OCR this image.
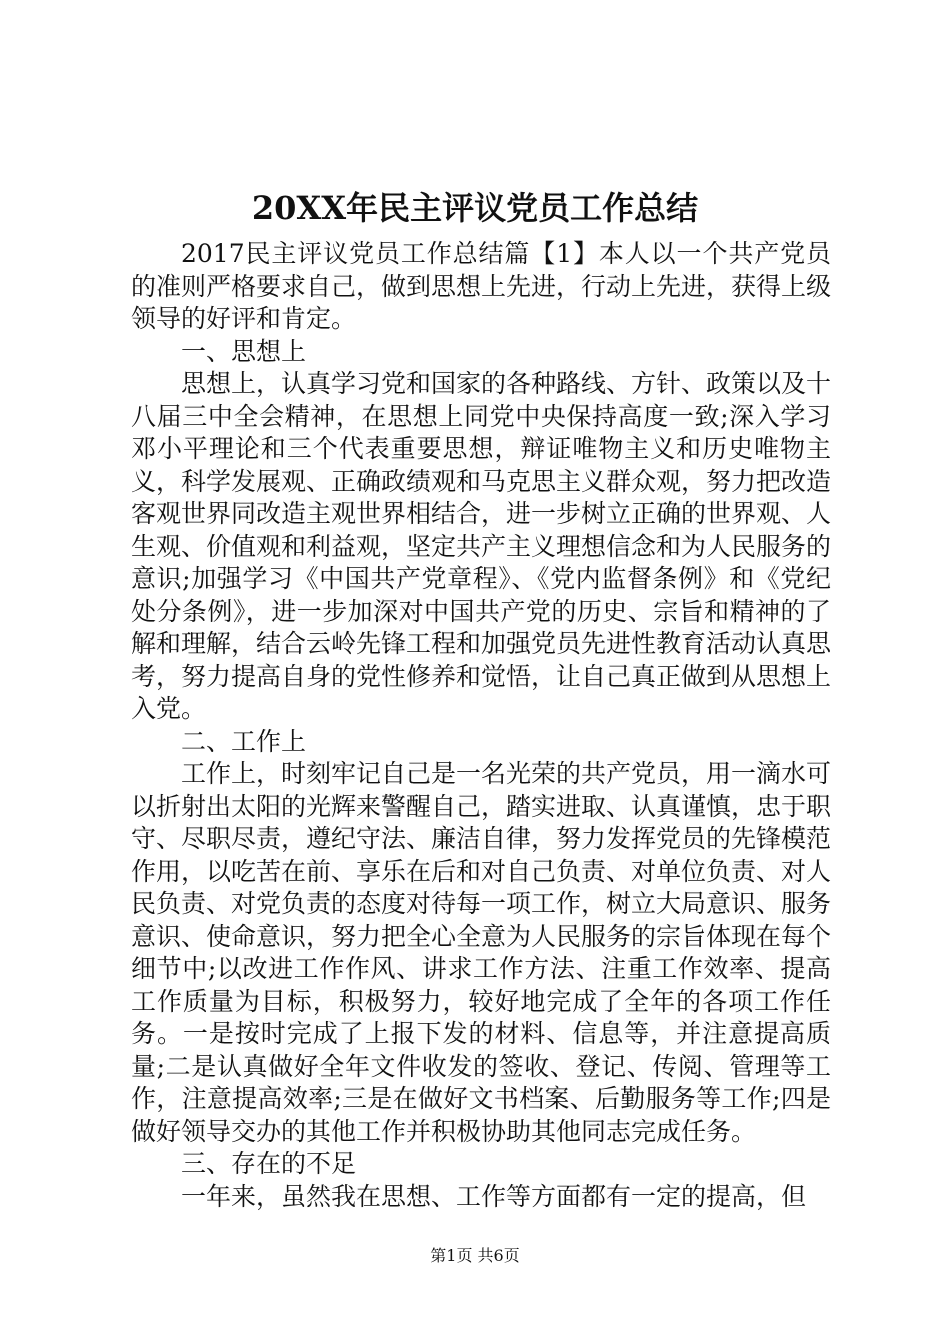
20XX年民主评议党员工作总结

2017民主评议党员工作总结篇【1】本人以一个共产党员的准则严格要求自己，做到思想上先进，行动上先进，获得上级领导的好评和肯定。

一、思想上

思想上，认真学习党和国家的各种路线、方针、政策以及十八届三中全会精神，在思想上同党中央保持高度一致;深入学习邓小平理论和三个代表重要思想，辩证唯物主义和历史唯物主义，科学发展观、正确政绩观和马克思主义群众观，努力把改造客观世界同改造主观世界相结合，进一步树立正确的世界观、人生观、价值观和利益观，坚定共产主义理想信念和为人民服务的意识;加强学习《中国共产党章程》、《党内监督条例》和《党纪处分条例》，进一步加深对中国共产党的历史、宗旨和精神的了解和理解，结合云岭先锋工程和加强党员先进性教育活动认真思考，努力提高自身的党性修养和觉悟，让自己真正做到从思想上入党。

二、工作上

工作上，时刻牢记自己是一名光荣的共产党员，用一滴水可以折射出太阳的光辉来警醒自己，踏实进取、认真谨慎，忠于职守、尽职尽责，遵纪守法、廉洁自律，努力发挥党员的先锋模范作用，以吃苦在前、享乐在后和对自己负责、对单位负责、对人民负责、对党负责的态度对待每一项工作，树立大局意识、服务意识、使命意识，努力把全心全意为人民服务的宗旨体现在每个细节中;以改进工作作风、讲求工作方法、注重工作效率、提高工作质量为目标，积极努力，较好地完成了全年的各项工作任务。一是按时完成了上报下发的材料、信息等，并注意提高质量;二是认真做好全年文件收发的签收、登记、传阅、管理等工作，注意提高效率;三是在做好文书档案、后勤服务等工作;四是做好领导交办的其他工作并积极协助其他同志完成任务。

三、存在的不足

一年来，虽然我在思想、工作等方面都有一定的提高，但

第1页 共6页
